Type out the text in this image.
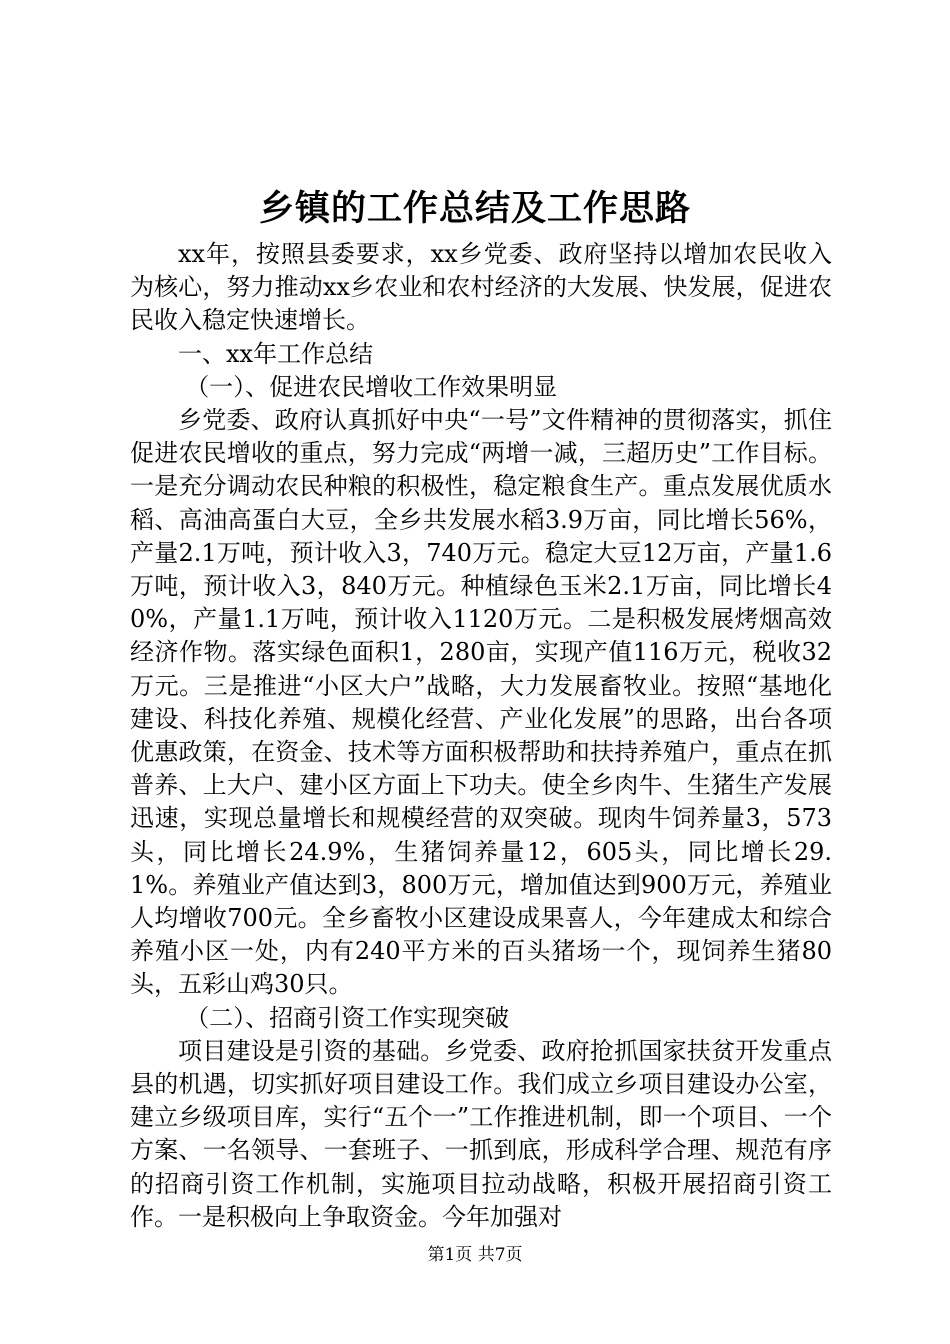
乡镇的工作总结及工作思路

xx年，按照县委要求，xx乡党委、政府坚持以增加农民收入为核心，努力推动xx乡农业和农村经济的大发展、快发展，促进农民收入稳定快速增长。

一、xx年工作总结

（一）、促进农民增收工作效果明显

乡党委、政府认真抓好中央“一号”文件精神的贯彻落实，抓住促进农民增收的重点，努力完成“两增一减，三超历史”工作目标。一是充分调动农民种粮的积极性，稳定粮食生产。重点发展优质水稻、高油高蛋白大豆，全乡共发展水稻3.9万亩，同比增长56%，产量2.1万吨，预计收入3，740万元。稳定大豆12万亩，产量1.6万吨，预计收入3，840万元。种植绿色玉米2.1万亩，同比增长40%，产量1.1万吨，预计收入1120万元。二是积极发展烤烟高效经济作物。落实绿色面积1，280亩，实现产值116万元，税收32万元。三是推进“小区大户”战略，大力发展畜牧业。按照“基地化建设、科技化养殖、规模化经营、产业化发展”的思路，出台各项优惠政策，在资金、技术等方面积极帮助和扶持养殖户，重点在抓普养、上大户、建小区方面上下功夫。使全乡肉牛、生猪生产发展迅速，实现总量增长和规模经营的双突破。现肉牛饲养量3，573头，同比增长24.9%，生猪饲养量12，605头，同比增长29.1%。养殖业产值达到3，800万元，增加值达到900万元，养殖业人均增收700元。全乡畜牧小区建设成果喜人，今年建成太和综合养殖小区一处，内有240平方米的百头猪场一个，现饲养生猪80头，五彩山鸡30只。

（二）、招商引资工作实现突破

项目建设是引资的基础。乡党委、政府抢抓国家扶贫开发重点县的机遇，切实抓好项目建设工作。我们成立乡项目建设办公室，建立乡级项目库，实行“五个一”工作推进机制，即一个项目、一个方案、一名领导、一套班子、一抓到底，形成科学合理、规范有序的招商引资工作机制，实施项目拉动战略，积极开展招商引资工作。一是积极向上争取资金。今年加强对

第1页 共7页
